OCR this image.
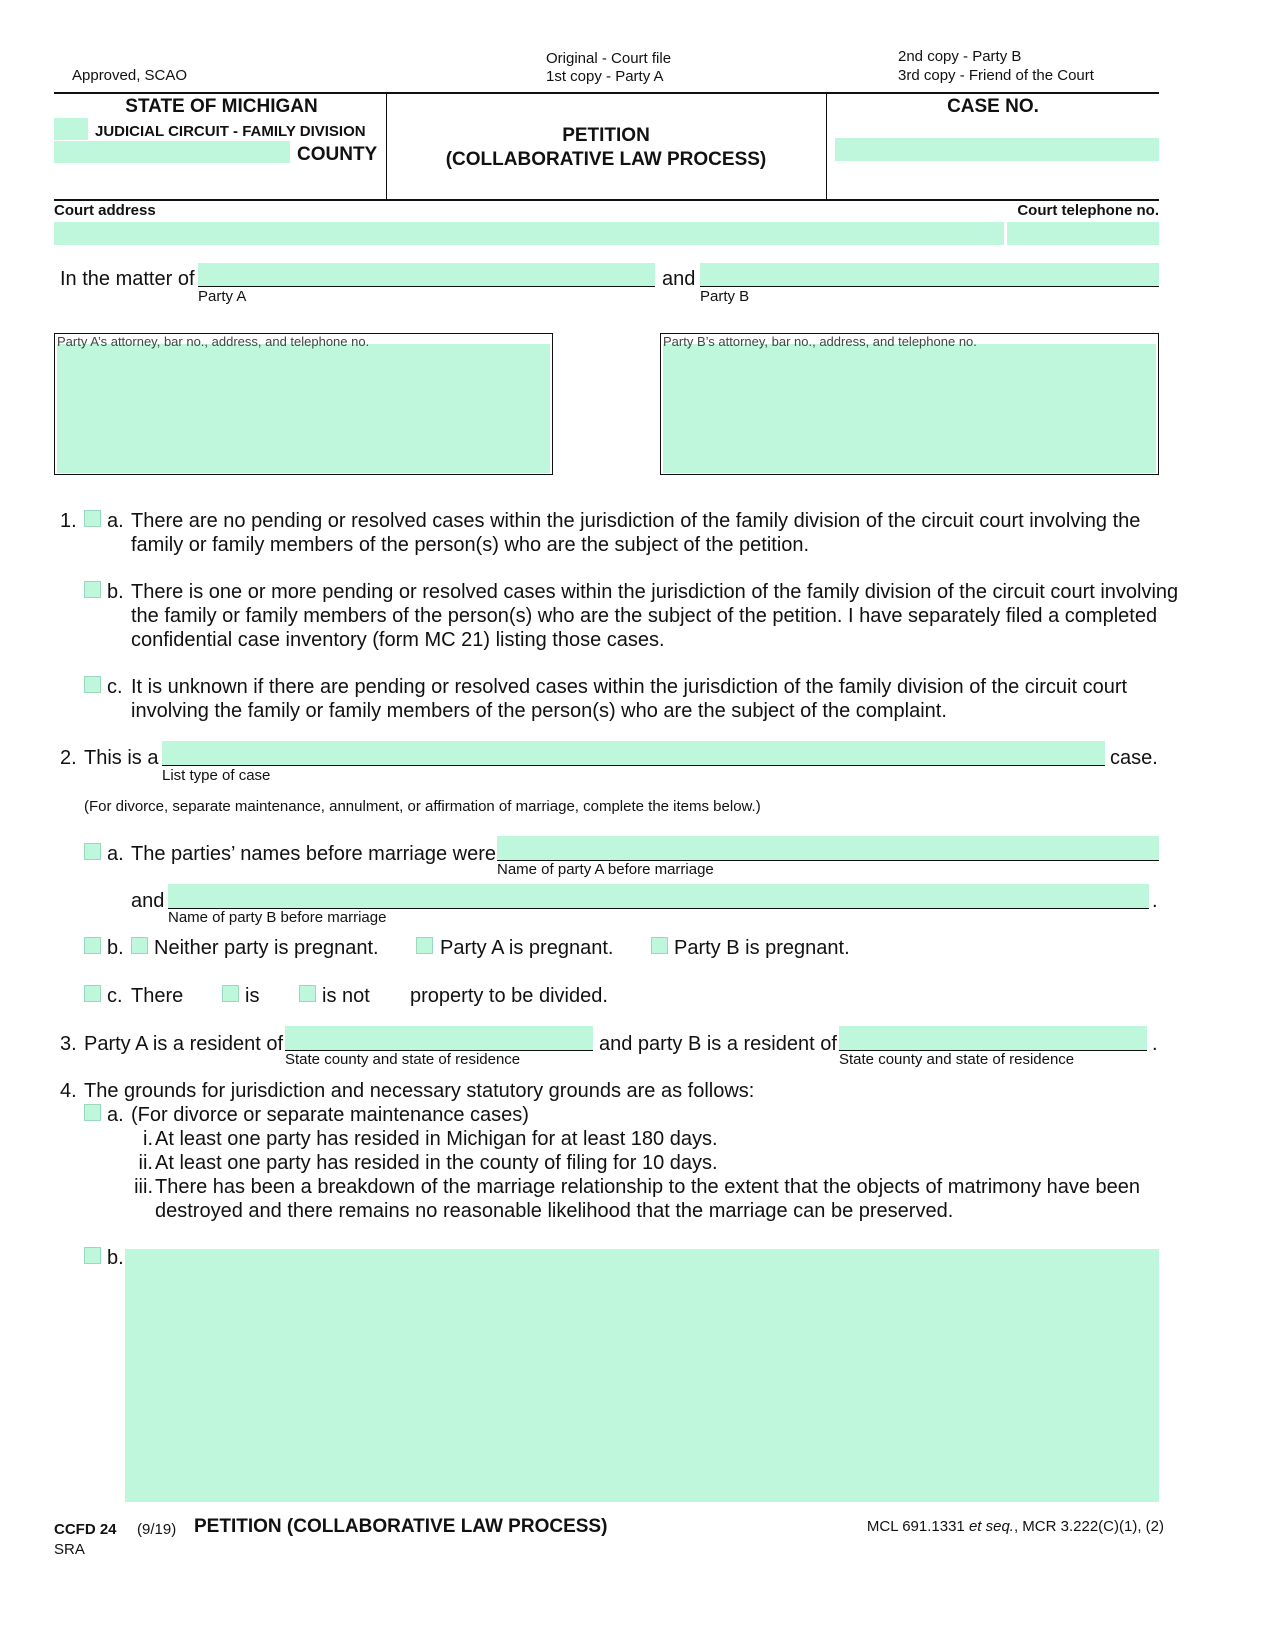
Approved, SCAO
Original - Court file
1st copy - Party A
2nd copy - Party B
3rd copy - Friend of the Court
STATE OF MICHIGAN
JUDICIAL CIRCUIT - FAMILY DIVISION
COUNTY
PETITION
(COLLABORATIVE LAW PROCESS)
CASE NO.
Court address	Court telephone no.
In the matter of
Party A
and
Party B
Party A’s attorney, bar no., address, and telephone no.	Party B’s attorney, bar no., address, and telephone no.
1. a. There are no pending or resolved cases within the jurisdiction of the family division of the circuit court involving the
family or family members of the person(s) who are the subject of the petition.
b. There is one or more pending or resolved cases within the jurisdiction of the family division of the circuit court involving
the family or family members of the person(s) who are the subject of the petition. I have separately filed a completed
confidential case inventory (form MC 21) listing those cases.
c. It is unknown if there are pending or resolved cases within the jurisdiction of the family division of the circuit court
involving the family or family members of the person(s) who are the subject of the complaint.
2. This is a	case.
List type of case
(For divorce, separate maintenance, annulment, or affirmation of marriage, complete the items below.)
a. The parties’ names before marriage were
Name of party A before marriage
and	.
Name of party B before marriage
b. Neither party is pregnant.	Party A is pregnant.	Party B is pregnant.
c. There	is	is not property to be divided.
3. Party A is a resident of
State county and state of residence
and party B is a resident of
State county and state of residence
.
4. The grounds for jurisdiction and necessary statutory grounds are as follows:
a. (For divorce or separate maintenance cases)
i. At least one party has resided in Michigan for at least 180 days.
ii. At least one party has resided in the county of filing for 10 days.
iii. There has been a breakdown of the marriage relationship to the extent that the objects of matrimony have been
destroyed and there remains no reasonable likelihood that the marriage can be preserved.
b.
CCFD 24 (9/19) PETITION (COLLABORATIVE LAW PROCESS)
SRA
MCL 691.1331 et seq., MCR 3.222(C)(1), (2)
